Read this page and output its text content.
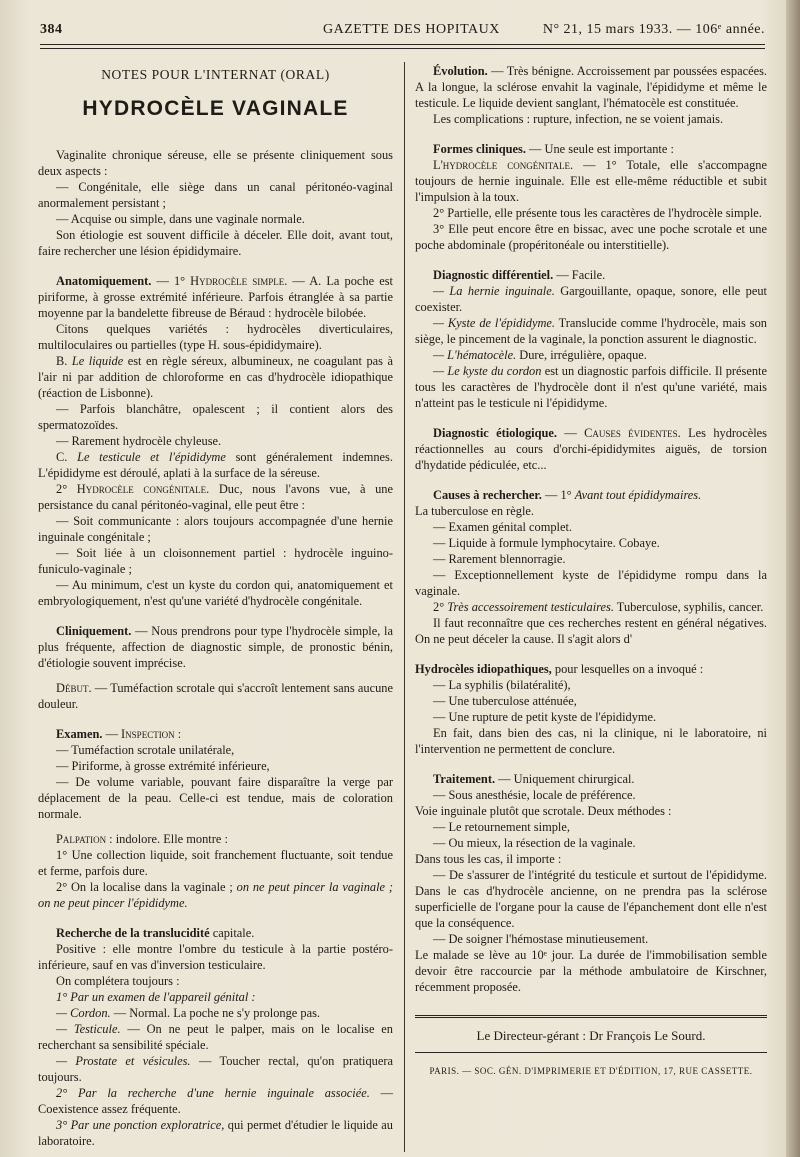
384	GAZETTE DES HOPITAUX	N° 21, 15 mars 1933. — 106ᵉ année.
NOTES POUR L'INTERNAT (ORAL)
HYDROCÈLE VAGINALE

Vaginalite chronique séreuse, elle se présente cliniquement sous deux aspects :

— Congénitale, elle siège dans un canal péritonéo-vaginal anormalement persistant ;

— Acquise ou simple, dans une vaginale normale.

Son étiologie est souvent difficile à déceler. Elle doit, avant tout, faire rechercher une lésion épididymaire.

Anatomiquement. — 1° Hydrocèle simple. — A. La poche est piriforme, à grosse extrémité inférieure. Parfois étranglée à sa partie moyenne par la bandelette fibreuse de Béraud : hydrocèle bilobée.

Citons quelques variétés : hydrocèles diverticulaires, multiloculaires ou partielles (type H. sous-épididymaire).

B. Le liquide est en règle séreux, albumineux, ne coagulant pas à l'air ni par addition de chloroforme en cas d'hydrocèle idiopathique (réaction de Lisbonne).

— Parfois blanchâtre, opalescent ; il contient alors des spermatozoïdes.

— Rarement hydrocèle chyleuse.

C. Le testicule et l'épididyme sont généralement indemnes. L'épididyme est déroulé, aplati à la surface de la séreuse.

2° Hydrocèle congénitale. Duc, nous l'avons vue, à une persistance du canal péritonéo-vaginal, elle peut être :

— Soit communicante : alors toujours accompagnée d'une hernie inguinale congénitale ;

— Soit liée à un cloisonnement partiel : hydrocèle inguino-funiculo-vaginale ;

— Au minimum, c'est un kyste du cordon qui, anatomiquement et embryologiquement, n'est qu'une variété d'hydrocèle congénitale.

Cliniquement. — Nous prendrons pour type l'hydrocèle simple, la plus fréquente, affection de diagnostic simple, de pronostic bénin, d'étiologie souvent imprécise.

Début. — Tuméfaction scrotale qui s'accroît lentement sans aucune douleur.

Examen. — Inspection :

— Tuméfaction scrotale unilatérale,

— Piriforme, à grosse extrémité inférieure,

— De volume variable, pouvant faire disparaître la verge par déplacement de la peau. Celle-ci est tendue, mais de coloration normale.

Palpation : indolore. Elle montre :

1° Une collection liquide, soit franchement fluctuante, soit tendue et ferme, parfois dure.

2° On la localise dans la vaginale ; on ne peut pincer la vaginale ; on ne peut pincer l'épididyme.

Recherche de la translucidité capitale.

Positive : elle montre l'ombre du testicule à la partie postéro-inférieure, sauf en vas d'inversion testiculaire.

On complétera toujours :

1° Par un examen de l'appareil génital :

— Cordon. — Normal. La poche ne s'y prolonge pas.

— Testicule. — On ne peut le palper, mais on le localise en recherchant sa sensibilité spéciale.

— Prostate et vésicules. — Toucher rectal, qu'on pratiquera toujours.

2° Par la recherche d'une hernie inguinale associée. — Coexistence assez fréquente.

3° Par une ponction exploratrice, qui permet d'étudier le liquide au laboratoire.

Évolution. — Très bénigne. Accroissement par poussées espacées. A la longue, la sclérose envahit la vaginale, l'épididyme et même le testicule. Le liquide devient sanglant, l'hématocèle est constituée.

Les complications : rupture, infection, ne se voient jamais.

Formes cliniques. — Une seule est importante :

L'hydrocèle congénitale. — 1° Totale, elle s'accompagne toujours de hernie inguinale. Elle est elle-même réductible et subit l'impulsion à la toux.

2° Partielle, elle présente tous les caractères de l'hydrocèle simple.

3° Elle peut encore être en bissac, avec une poche scrotale et une poche abdominale (propéritonéale ou interstitielle).

Diagnostic différentiel. — Facile.

— La hernie inguinale. Gargouillante, opaque, sonore, elle peut coexister.

— Kyste de l'épididyme. Translucide comme l'hydrocèle, mais son siège, le pincement de la vaginale, la ponction assurent le diagnostic.

— L'hématocèle. Dure, irrégulière, opaque.

— Le kyste du cordon est un diagnostic parfois difficile. Il présente tous les caractères de l'hydrocèle dont il n'est qu'une variété, mais n'atteint pas le testicule ni l'épididyme.

Diagnostic étiologique. — Causes évidentes. Les hydrocèles réactionnelles au cours d'orchi-épididymites aiguës, de torsion d'hydatide pédiculée, etc...

Causes à rechercher. — 1° Avant tout épididymaires.

La tuberculose en règle.

— Examen génital complet.

— Liquide à formule lymphocytaire. Cobaye.

— Rarement blennorragie.

— Exceptionnellement kyste de l'épididyme rompu dans la vaginale.

2° Très accessoirement testiculaires. Tuberculose, syphilis, cancer.

Il faut reconnaître que ces recherches restent en général négatives. On ne peut déceler la cause. Il s'agit alors d'

Hydrocèles idiopathiques, pour lesquelles on a invoqué :

— La syphilis (bilatéralité),

— Une tuberculose atténuée,

— Une rupture de petit kyste de l'épididyme.

En fait, dans bien des cas, ni la clinique, ni le laboratoire, ni l'intervention ne permettent de conclure.

Traitement. — Uniquement chirurgical.

— Sous anesthésie, locale de préférence.

Voie inguinale plutôt que scrotale. Deux méthodes :

— Le retournement simple,

— Ou mieux, la résection de la vaginale.

Dans tous les cas, il importe :

— De s'assurer de l'intégrité du testicule et surtout de l'épididyme. Dans le cas d'hydrocèle ancienne, on ne prendra pas la sclérose superficielle de l'organe pour la cause de l'épanchement dont elle n'est que la conséquence.

— De soigner l'hémostase minutieusement.

Le malade se lève au 10ᵉ jour. La durée de l'immobilisation semble devoir être raccourcie par la méthode ambulatoire de Kirschner, récemment proposée.

Le Directeur-gérant : Dr François Le Sourd.
PARIS. — SOC. GÉN. D'IMPRIMERIE ET D'ÉDITION, 17, RUE CASSETTE.
